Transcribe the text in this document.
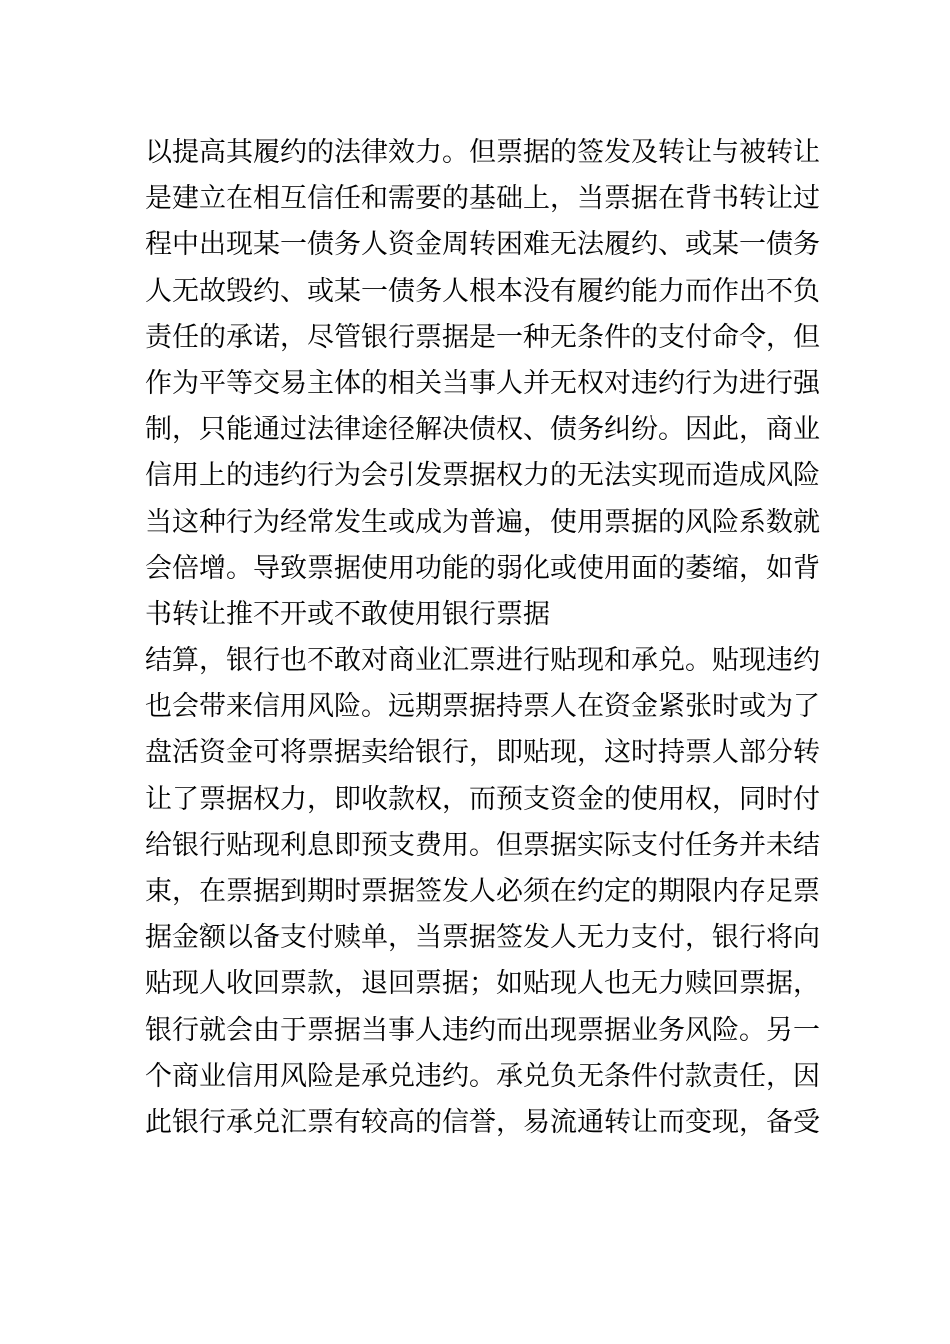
以提高其履约的法律效力。但票据的签发及转让与被转让
是建立在相互信任和需要的基础上，当票据在背书转让过
程中出现某一债务人资金周转困难无法履约、或某一债务
人无故毁约、或某一债务人根本没有履约能力而作出不负
责任的承诺，尽管银行票据是一种无条件的支付命令，但
作为平等交易主体的相关当事人并无权对违约行为进行强
制，只能通过法律途径解决债权、债务纠纷。因此，商业
信用上的违约行为会引发票据权力的无法实现而造成风险
当这种行为经常发生或成为普遍，使用票据的风险系数就
会倍增。导致票据使用功能的弱化或使用面的萎缩，如背
书转让推不开或不敢使用银行票据
结算，银行也不敢对商业汇票进行贴现和承兑。贴现违约
也会带来信用风险。远期票据持票人在资金紧张时或为了
盘活资金可将票据卖给银行，即贴现，这时持票人部分转
让了票据权力，即收款权，而预支资金的使用权，同时付
给银行贴现利息即预支费用。但票据实际支付任务并未结
束，在票据到期时票据签发人必须在约定的期限内存足票
据金额以备支付赎单，当票据签发人无力支付，银行将向
贴现人收回票款，退回票据；如贴现人也无力赎回票据，
银行就会由于票据当事人违约而出现票据业务风险。另一
个商业信用风险是承兑违约。承兑负无条件付款责任，因
此银行承兑汇票有较高的信誉，易流通转让而变现，备受
